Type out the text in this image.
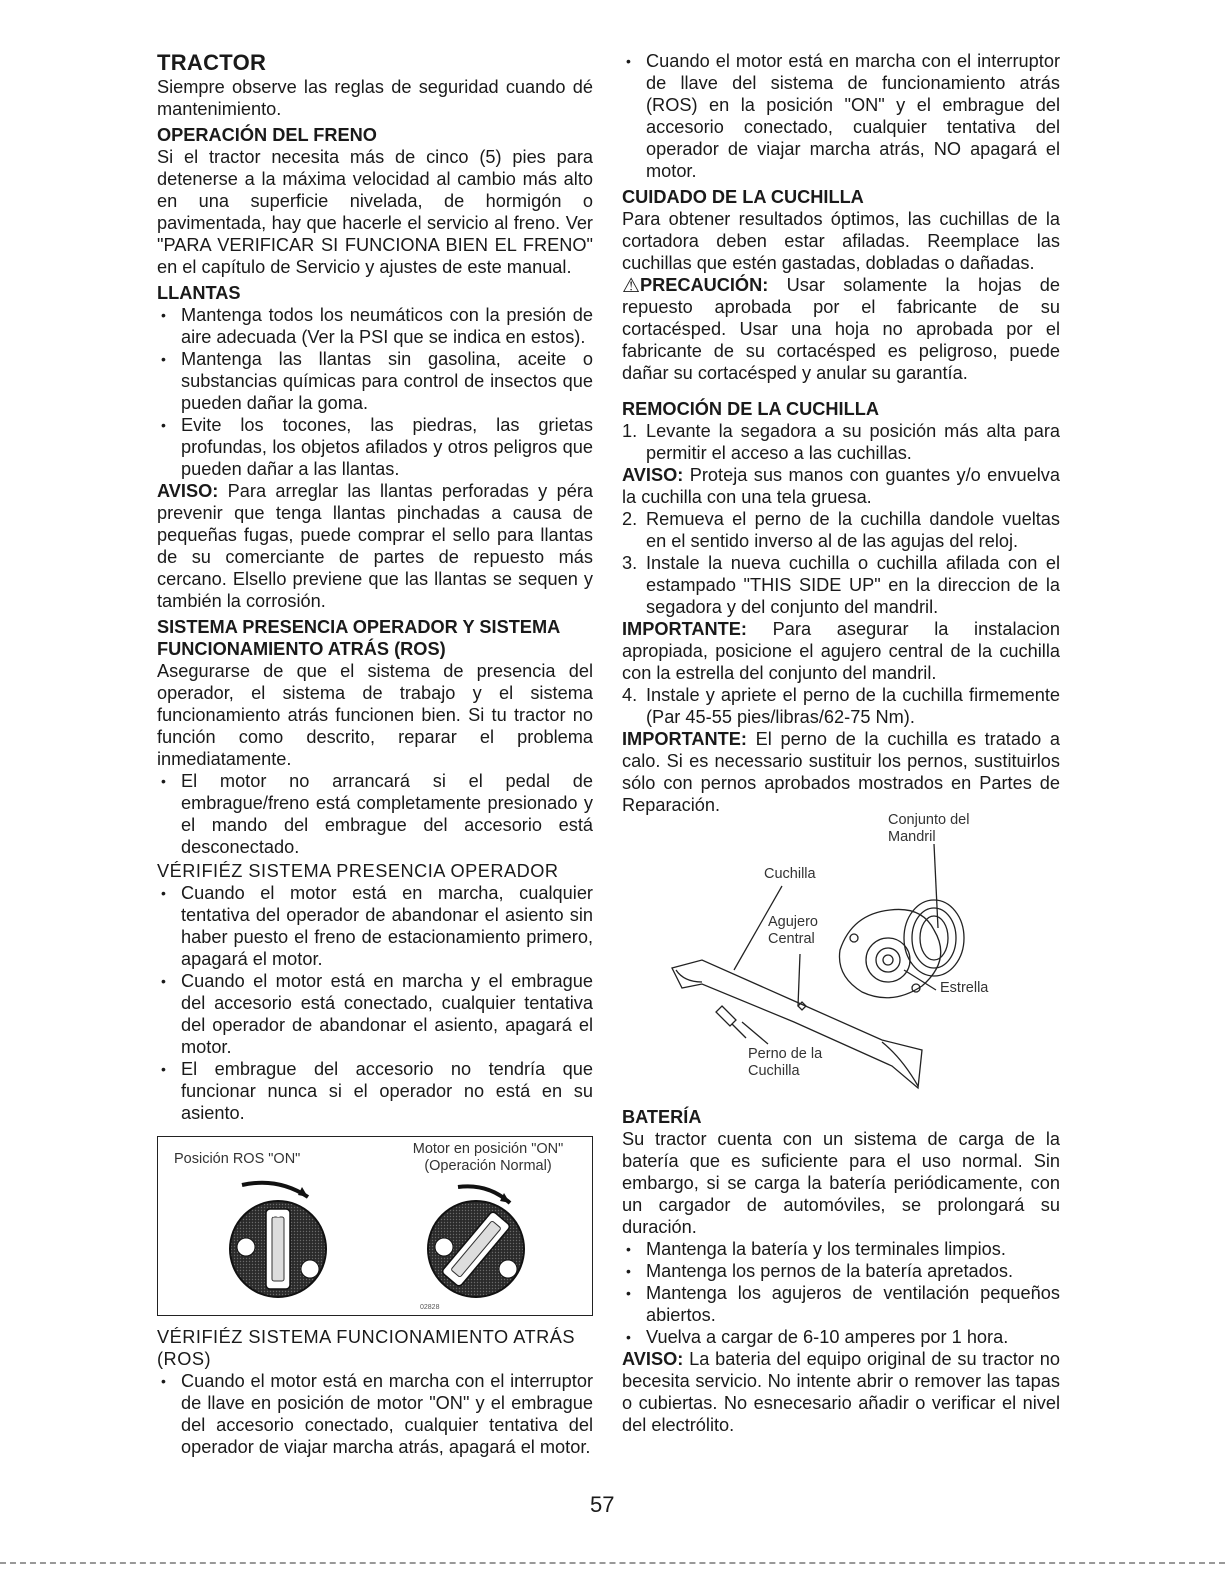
TRACTOR

Siempre observe las reglas de seguridad cuando dé mantenimiento.

OPERACIÓN DEL FRENO

Si el tractor necesita más de cinco (5) pies para detenerse a la máxima velocidad al cambio más alto en una superficie nivelada, de hormigón o pavimentada, hay que hacerle el servicio al freno. Ver "PARA VERIFICAR SI FUNCIONA BIEN EL FRENO" en el capítulo de Servicio y ajustes de este manual.

LLANTAS
• Mantenga todos los neumáticos con la presión de aire adecuada (Ver la PSI que se indica en estos).
• Mantenga las llantas sin gasolina, aceite o substancias químicas para control de insectos que pueden dañar la goma.
• Evite los tocones, las piedras, las grietas profundas, los objetos afilados y otros peligros que pueden dañar a las llantas.

AVISO: Para arreglar las llantas perforadas y péra prevenir que tenga llantas pinchadas a causa de pequeñas fugas, puede comprar el sello para llantas de su comerciante de partes de repuesto más cercano. Elsello previene que las llantas se sequen y también la corrosión.

SISTEMA PRESENCIA OPERADOR Y SISTEMA FUNCIONAMIENTO ATRÁS (ROS)

Asegurarse de que el sistema de presencia del operador, el sistema de trabajo y el sistema funcionamiento atrás funcionen bien. Si tu tractor no función como descrito, reparar el problema inmediatamente.

• El motor no arrancará si el pedal de embrague/freno está completamente presionado y el mando del embrague del accesorio está desconectado.
VÉRIFIÉZ SISTEMA PRESENCIA OPERADOR
• Cuando el motor está en marcha, cualquier tentativa del operador de abandonar el asiento sin haber puesto el freno de estacionamiento primero, apagará el motor.
• Cuando el motor está en marcha y el embrague del accesorio está conectado, cualquier tentativa del operador de abandonar el asiento, apagará el motor.
• El embrague del accesorio no tendría que funcionar nunca si el operador no está en su asiento.
Posición ROS "ON"
Motor en posición "ON"
(Operación Normal)
ROS
02828
VÉRIFIÉZ SISTEMA FUNCIONAMIENTO ATRÁS (ROS)
• Cuando el motor está en marcha con el interruptor de llave en posición de motor "ON" y el embrague del accesorio conectado, cualquier tentativa del operador de viajar marcha atrás, apagará el motor.
• Cuando el motor está en marcha con el interruptor de llave del sistema de funcionamiento atrás (ROS) en la posición "ON" y el embrague del accesorio conectado, cualquier tentativa del operador de viajar marcha atrás, NO apagará el motor.
CUIDADO DE LA CUCHILLA

Para obtener resultados óptimos, las cuchillas de la cortadora deben estar afiladas. Reemplace las cuchillas que estén gastadas, dobladas o dañadas.

⚠PRECAUCIÓN: Usar solamente la hojas de repuesto aprobada por el fabricante de su cortacésped. Usar una hoja no aprobada por el fabricante de su cortacésped es peligroso, puede dañar su cortacésped y anular su garantía.

REMOCIÓN DE LA CUCHILLA
1. Levante la segadora a su posición más alta para permitir el acceso a las cuchillas.

AVISO: Proteja sus manos con guantes y/o envuelva la cuchilla con una tela gruesa.

2. Remueva el perno de la cuchilla dandole vueltas en el sentido inverso al de las agujas del reloj.
3. Instale la nueva cuchilla o cuchilla afilada con el estampado "THIS SIDE UP" en la direccion de la segadora y del conjunto del mandril.

IMPORTANTE: Para asegurar la instalacion apropiada, posicione el agujero central de la cuchilla con la estrella del conjunto del mandril.

4. Instale y apriete el perno de la cuchilla firmemente (Par 45-55 pies/libras/62-75 Nm).

IMPORTANTE: El perno de la cuchilla es tratado a calo. Si es necessario sustituir los pernos, sustituirlos sólo con pernos aprobados mostrados en Partes de Reparación.

Conjunto del
Mandril
Cuchilla
Agujero
Central
Estrella
Perno de la
Cuchilla
BATERÍA

Su tractor cuenta con un sistema de carga de la batería que es suficiente para el uso normal. Sin embargo, si se carga la batería periódicamente, con un cargador de automóviles, se prolongará su duración.

• Mantenga la batería y los terminales limpios.
• Mantenga los pernos de la batería apretados.
• Mantenga los agujeros de ventilación pequeños abiertos.
• Vuelva a cargar de 6-10 amperes por 1 hora.

AVISO: La bateria del equipo original de su tractor no becesita servicio. No intente abrir o remover las tapas o cubiertas. No esnecesario añadir o verificar el nivel del electrólito.

57
